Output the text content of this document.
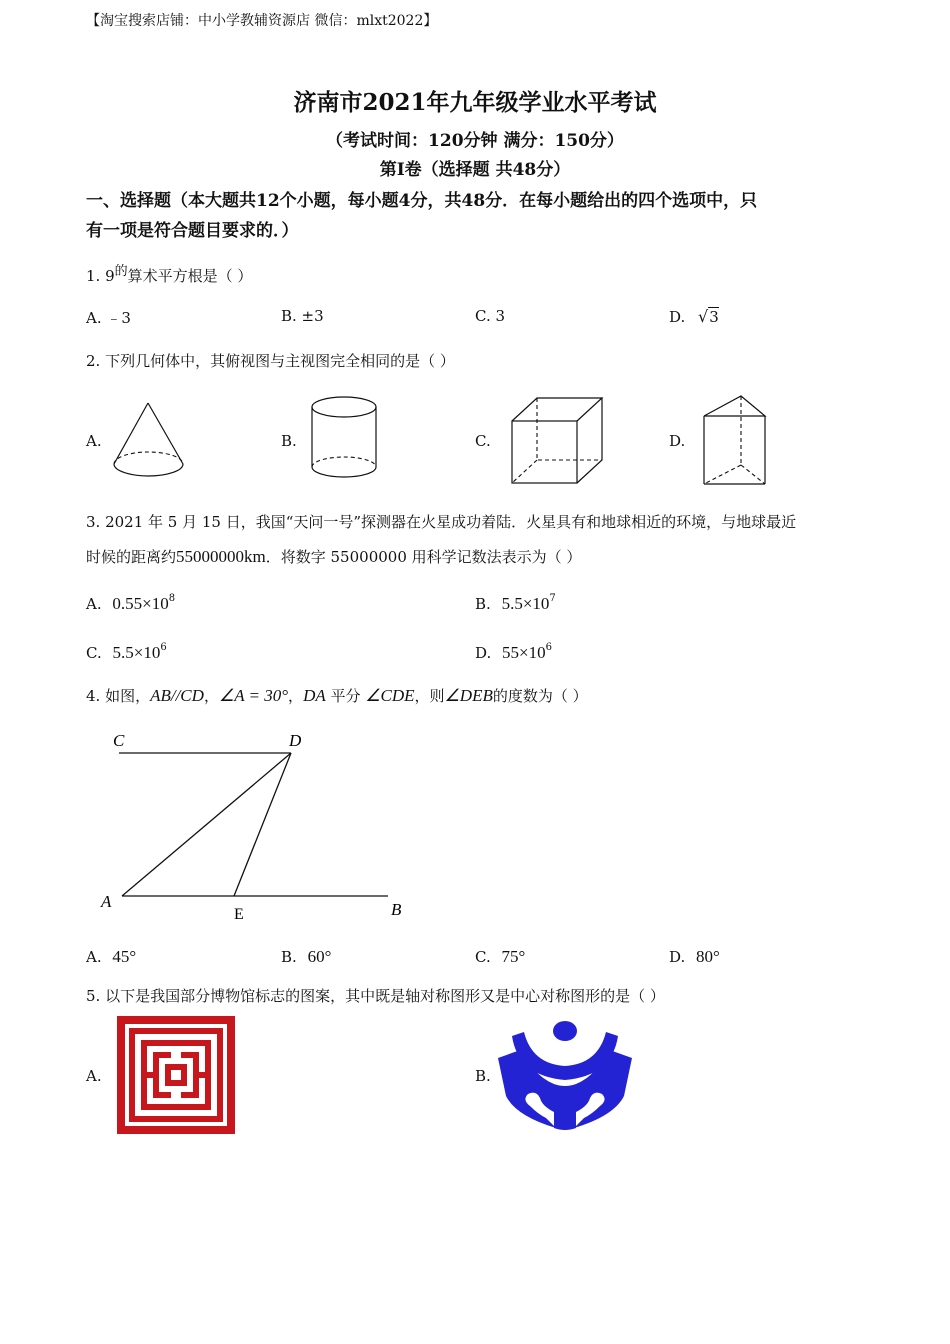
【淘宝搜索店铺：中小学教辅资源店 微信：mlxt2022】
济南市2021年九年级学业水平考试
（考试时间：120分钟 满分：150分）
第Ⅰ卷（选择题 共48分）
一、选择题（本大题共12个小题，每小题4分，共48分．在每小题给出的四个选项中，只
有一项是符合题目要求的．）
1. $9^的$算术平方根是（ ）
A. ﹣3	B. ±3	C. 3	D. √3
2. 下列几何体中，其俯视图与主视图完全相同的是（ ）
A.	B.	C.	D.
3. 2021 年 5 月 15 日，我国“天问一号”探测器在火星成功着陆．火星具有和地球相近的环境，与地球最近
时候的距离约55000000km．将数字 55000000 用科学记数法表示为（ ）
A. $0.55\times 10^8$	B. $5.5\times 10^7$
C. $5.5\times 10^6$	D. $55\times 10^6$
4. 如图，AB//CD，∠A = 30°，DA 平分 ∠CDE，则∠DEB的度数为（ ）
C	D
A
E	B
A. 45°	B. 60°	C. 75°	D. 80°
5. 以下是我国部分博物馆标志的图案，其中既是轴对称图形又是中心对称图形的是（ ）
A.	B.
